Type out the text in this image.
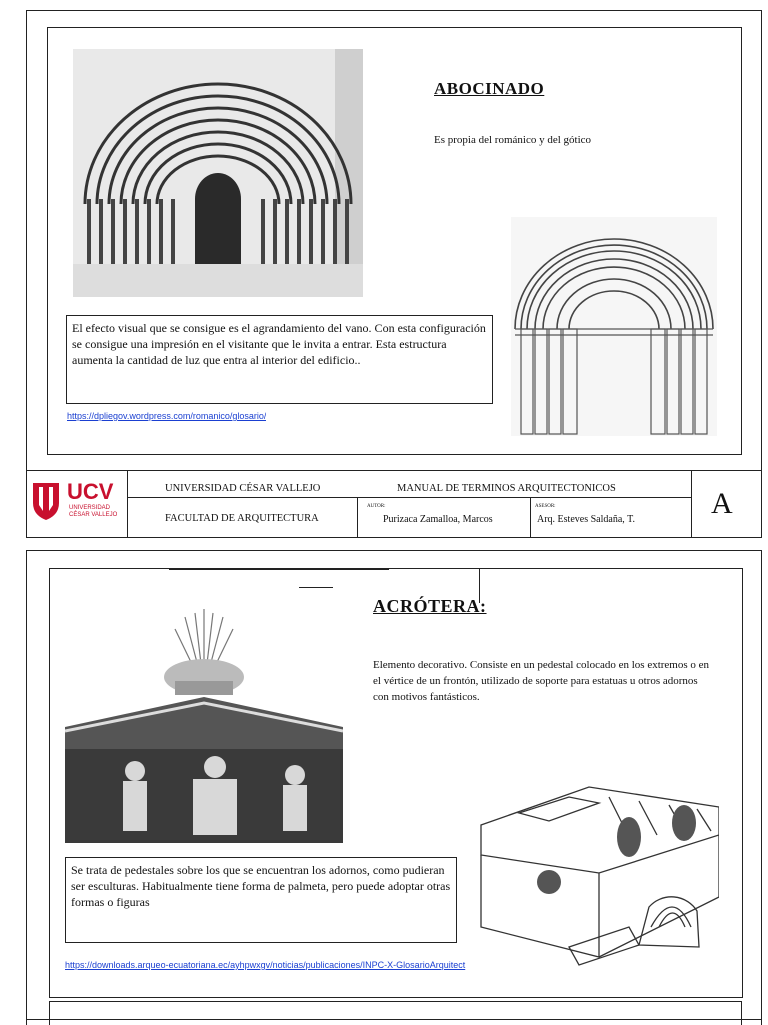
ABOCINADO
Es propia del románico y del gótico
El efecto visual que se consigue es el agrandamiento del vano. Con esta configuración se consigue una impresión en el visitante que le invita a entrar. Esta estructura aumenta la cantidad de luz que entra al interior del edificio..
https://dpliegov.wordpress.com/romanico/glosario/
UCV
UNIVERSIDAD
CÉSAR VALLEJO
UNIVERSIDAD CÉSAR VALLEJO	MANUAL DE TERMINOS ARQUITECTONICOS
FACULTAD DE ARQUITECTURA
AUTOR:
Purizaca Zamalloa, Marcos
ASESOR:
Arq. Esteves Saldaña, T.	A
ACRÓTERA:
Elemento decorativo. Consiste en un pedestal colocado en los extremos o en el vértice de un frontón, utilizado de soporte para estatuas u otros adornos con motivos fantásticos.
Se trata de pedestales sobre los que se encuentran los adornos, como pudieran ser esculturas. Habitualmente tiene forma de palmeta, pero puede adoptar otras formas o figuras
https://downloads.arqueo-ecuatoriana.ec/ayhpwxgv/noticias/publicaciones/INPC-X-GlosarioArquitect
